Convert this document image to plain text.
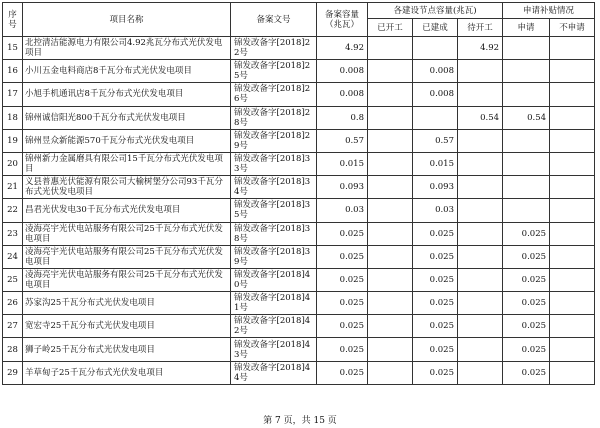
序号	项目名称	备案文号	备案容量（兆瓦）	各建设节点容量(兆瓦)			申请补贴情况	
				已开工	已建成	待开工	申请	不申请
15	北控清洁能源电力有限公司4.92兆瓦分布式光伏发电项目	锦发改备字[2018]22号	4.92			4.92		
16	小川五金电料商店8千瓦分布式光伏发电项目	锦发改备字[2018]25号	0.008		0.008			
17	小旭手机通讯店8千瓦分布式光伏发电项目	锦发改备字[2018]26号	0.008		0.008			
18	锦州诚信阳光800千瓦分布式光伏发电项目	锦发改备字[2018]28号	0.8			0.54	0.54	
19	锦州昱众新能源570千瓦分布式光伏发电项目	锦发改备字[2018]29号	0.57		0.57			
20	锦州新力金属磨具有限公司15千瓦分布式光伏发电项目	锦发改备字[2018]33号	0.015		0.015			
21	义县普惠光伏能源有限公司大榆树堡分公司93千瓦分布式光伏发电项目	锦发改备字[2018]34号	0.093		0.093			
22	昌君光伏发电30千瓦分布式光伏发电项目	锦发改备字[2018]35号	0.03		0.03			
23	凌海亮宇光伏电站服务有限公司25千瓦分布式光伏发电项目	锦发改备字[2018]38号	0.025		0.025		0.025	
24	凌海亮宇光伏电站服务有限公司25千瓦分布式光伏发电项目	锦发改备字[2018]39号	0.025		0.025		0.025	
25	凌海亮宇光伏电站服务有限公司25千瓦分布式光伏发电项目	锦发改备字[2018]40号	0.025		0.025		0.025	
26	苏家沟25千瓦分布式光伏发电项目	锦发改备字[2018]41号	0.025		0.025		0.025	
27	宽宏寺25千瓦分布式光伏发电项目	锦发改备字[2018]42号	0.025		0.025		0.025	
28	狮子岭25千瓦分布式光伏发电项目	锦发改备字[2018]43号	0.025		0.025		0.025	
29	羊草甸子25千瓦分布式光伏发电项目	锦发改备字[2018]44号	0.025		0.025		0.025	
第 7 页，共 15 页
